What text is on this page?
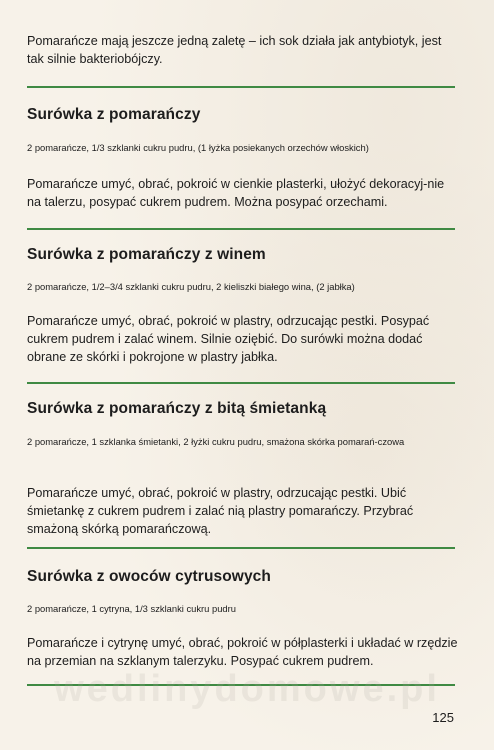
Pomarańcze mają jeszcze jedną zaletę – ich sok działa jak antybiotyk, jest tak silnie bakteriobójczy.

Surówka z pomarańczy

2 pomarańcze, 1/3 szklanki cukru pudru, (1 łyżka posiekanych orzechów włoskich)

Pomarańcze umyć, obrać, pokroić w cienkie plasterki, ułożyć dekoracyj-nie na talerzu, posypać cukrem pudrem. Można posypać orzechami.

Surówka z pomarańczy z winem

2 pomarańcze, 1/2–3/4 szklanki cukru pudru, 2 kieliszki białego wina, (2 jabłka)

Pomarańcze umyć, obrać, pokroić w plastry, odrzucając pestki. Posypać cukrem pudrem i zalać winem. Silnie oziębić. Do surówki można dodać obrane ze skórki i pokrojone w plastry jabłka.

Surówka z pomarańczy z bitą śmietanką

2 pomarańcze, 1 szklanka śmietanki, 2 łyżki cukru pudru, smażona skórka pomarań-czowa

Pomarańcze umyć, obrać, pokroić w plastry, odrzucając pestki. Ubić śmietankę z cukrem pudrem i zalać nią plastry pomarańczy. Przybrać smażoną skórką pomarańczową.

Surówka z owoców cytrusowych

2 pomarańcze, 1 cytryna, 1/3 szklanki cukru pudru

Pomarańcze i cytrynę umyć, obrać, pokroić w półplasterki i układać w rzędzie na przemian na szklanym talerzyku. Posypać cukrem pudrem.

wedlinydomowe.pl
125
